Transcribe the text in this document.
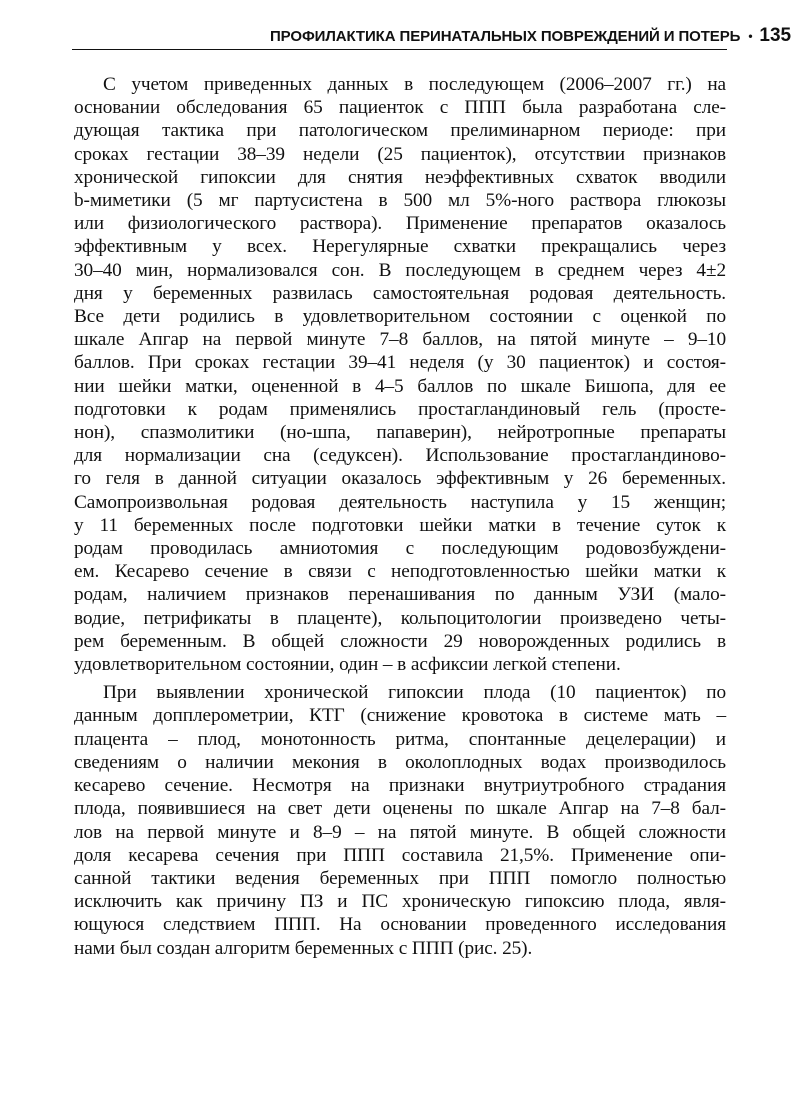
ПРОФИЛАКТИКА ПЕРИНАТАЛЬНЫХ ПОВРЕЖДЕНИЙ И ПОТЕРЬ • 135

С учетом приведенных данных в последующем (2006–2007 гг.) на
основании обследования 65 пациенток с ППП была разработана сле-
дующая тактика при патологическом прелиминарном периоде: при
сроках гестации 38–39 недели (25 пациенток), отсутствии признаков
хронической гипоксии для снятия неэффективных схваток вводили
b-миметики (5 мг партусистена в 500 мл 5%-ного раствора глюкозы
или физиологического раствора). Применение препаратов оказалось
эффективным у всех. Нерегулярные схватки прекращались через
30–40 мин, нормализовался сон. В последующем в среднем через 4±2
дня у беременных развилась самостоятельная родовая деятельность.
Все дети родились в удовлетворительном состоянии с оценкой по
шкале Апгар на первой минуте 7–8 баллов, на пятой минуте – 9–10
баллов. При сроках гестации 39–41 неделя (у 30 пациенток) и состоя-
нии шейки матки, оцененной в 4–5 баллов по шкале Бишопа, для ее
подготовки к родам применялись простагландиновый гель (простe-
нон), спазмолитики (но-шпа, папаверин), нейротропные препараты
для нормализации сна (седуксен). Использование простагландиново-
го геля в данной ситуации оказалось эффективным у 26 беременных.
Самопроизвольная родовая деятельность наступила у 15 женщин;
у 11 беременных после подготовки шейки матки в течение суток к
родам проводилась амниотомия с последующим родовозбуждени-
ем. Кесарево сечение в связи с неподготовленностью шейки матки к
родам, наличием признаков перенашивания по данным УЗИ (мало-
водие, петрификаты в плаценте), кольпоцитологии произведено четы-
рем беременным. В общей сложности 29 новорожденных родились в
удовлетворительном состоянии, один – в асфиксии легкой степени.

При выявлении хронической гипоксии плода (10 пациенток) по
данным допплерометрии, КТГ (снижение кровотока в системе мать –
плацента – плод, монотонность ритма, спонтанные децелерации) и
сведениям о наличии мекония в околоплодных водах производилось
кесарево сечение. Несмотря на признаки внутриутробного страдания
плода, появившиеся на свет дети оценены по шкале Апгар на 7–8 бал-
лов на первой минуте и 8–9 – на пятой минуте. В общей сложности
доля кесарева сечения при ППП составила 21,5%. Применение опи-
санной тактики ведения беременных при ППП помогло полностью
исключить как причину ПЗ и ПС хроническую гипоксию плода, явля-
ющуюся следствием ППП. На основании проведенного исследования
нами был создан алгоритм беременных с ППП (рис. 25).
